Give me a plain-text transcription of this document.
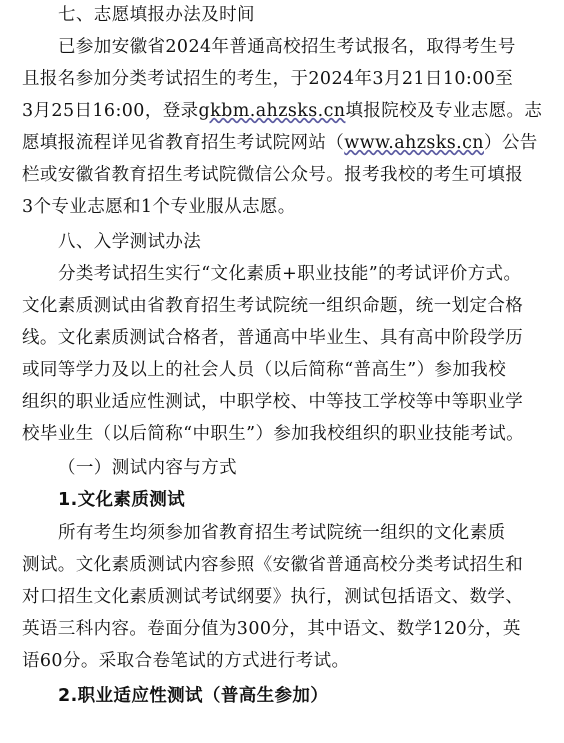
七、志愿填报办法及时间
已参加安徽省2024年普通高校招生考试报名，取得考生号
且报名参加分类考试招生的考生，于2024年3月21日10:00至
3月25日16:00，登录gkbm.ahzsks.cn填报院校及专业志愿。志
愿填报流程详见省教育招生考试院网站（www.ahzsks.cn）公告
栏或安徽省教育招生考试院微信公众号。报考我校的考生可填报
3个专业志愿和1个专业服从志愿。
八、入学测试办法
分类考试招生实行“文化素质+职业技能”的考试评价方式。
文化素质测试由省教育招生考试院统一组织命题，统一划定合格
线。文化素质测试合格者，普通高中毕业生、具有高中阶段学历
或同等学力及以上的社会人员（以后简称“普高生”）参加我校
组织的职业适应性测试，中职学校、中等技工学校等中等职业学
校毕业生（以后简称“中职生”）参加我校组织的职业技能考试。
（一）测试内容与方式
1.文化素质测试
所有考生均须参加省教育招生考试院统一组织的文化素质
测试。文化素质测试内容参照《安徽省普通高校分类考试招生和
对口招生文化素质测试考试纲要》执行，测试包括语文、数学、
英语三科内容。卷面分值为300分，其中语文、数学120分，英
语60分。采取合卷笔试的方式进行考试。
2.职业适应性测试（普高生参加）
